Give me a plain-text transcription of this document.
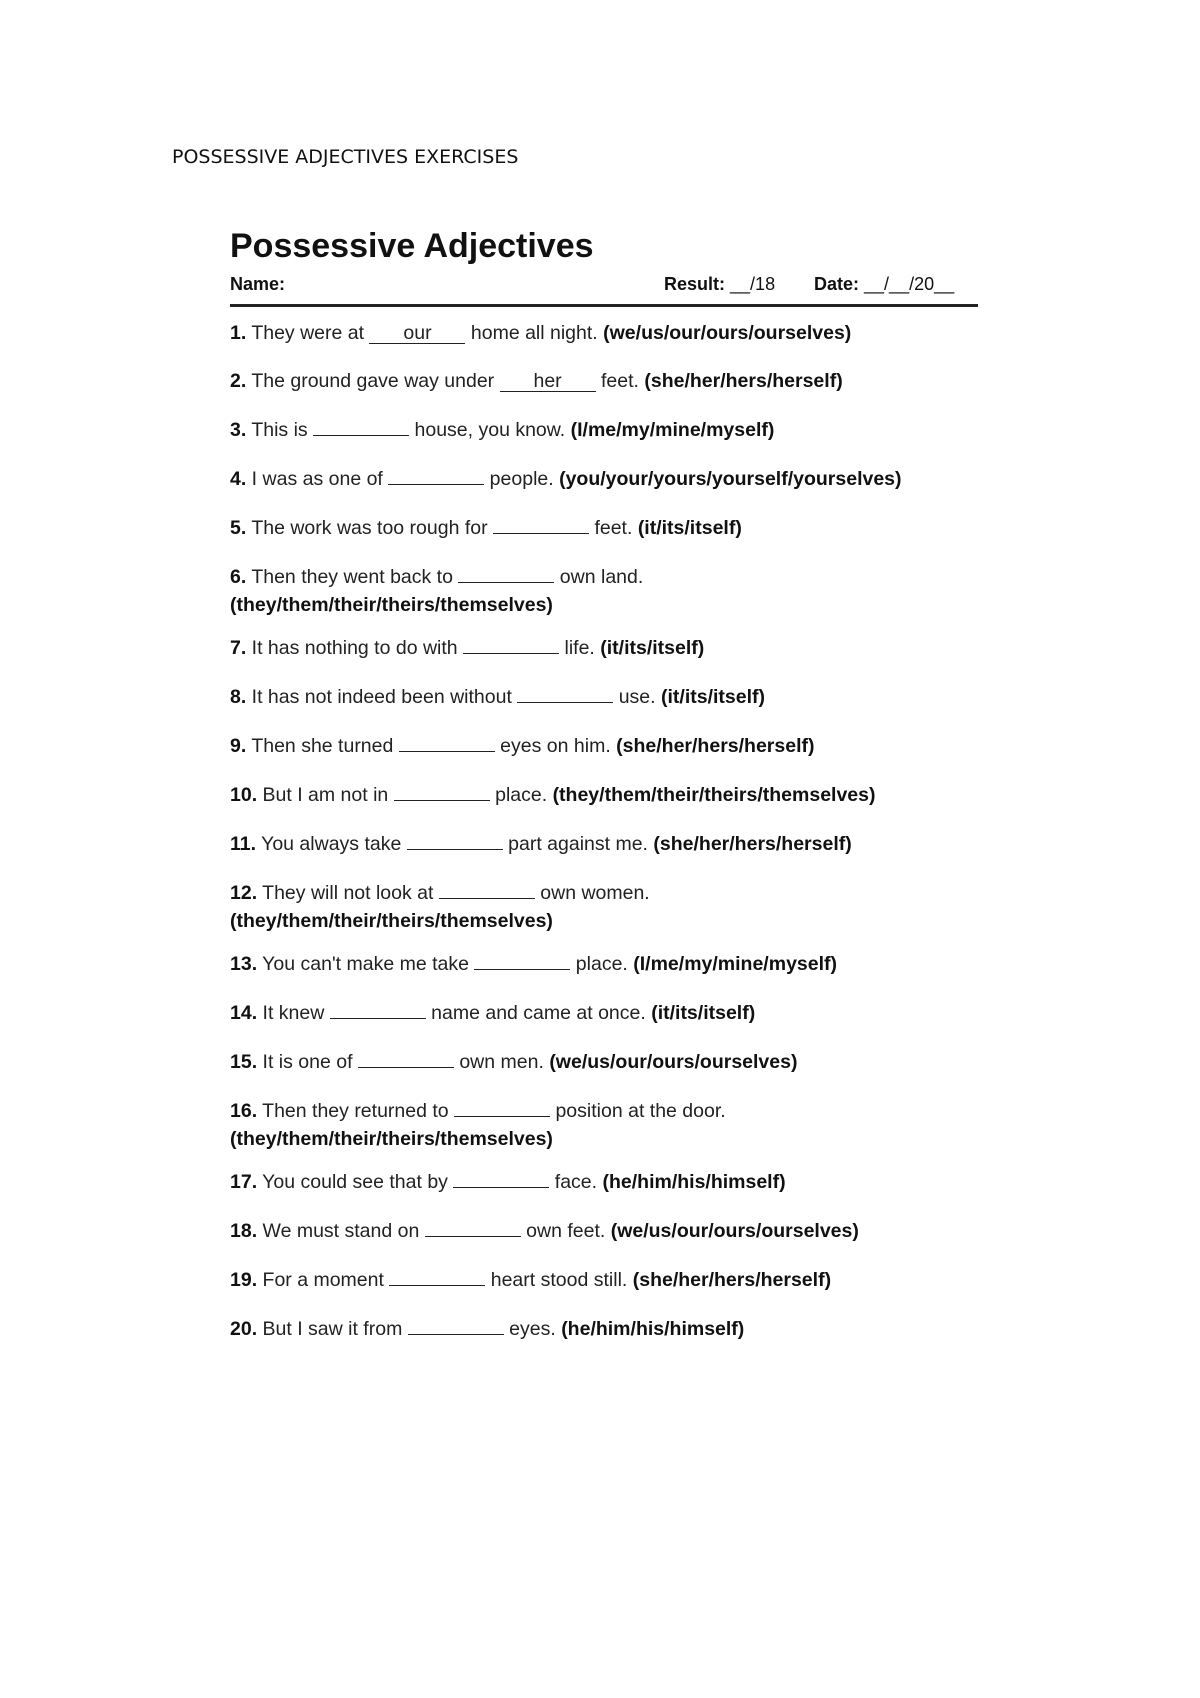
POSSESSIVE ADJECTIVES EXERCISES
Possessive Adjectives
Name:	Result: __/18 Date: __/__/20__
1. They were at our home all night. (we/us/our/ours/ourselves)
2. The ground gave way under her feet. (she/her/hers/herself)
3. This is	house, you know. (I/me/my/mine/myself)
4. I was as one of	people. (you/your/yours/yourself/yourselves)
5. The work was too rough for	feet. (it/its/itself)
6. Then they went back to	own land.
(they/them/their/theirs/themselves)
7. It has nothing to do with	life. (it/its/itself)
8. It has not indeed been without	use. (it/its/itself)
9. Then she turned	eyes on him. (she/her/hers/herself)
10. But I am not in	place. (they/them/their/theirs/themselves)
11. You always take	part against me. (she/her/hers/herself)
12. They will not look at	own women.
(they/them/their/theirs/themselves)
13. You can't make me take	place. (I/me/my/mine/myself)
14. It knew	name and came at once. (it/its/itself)
15. It is one of	own men. (we/us/our/ours/ourselves)
16. Then they returned to	position at the door.
(they/them/their/theirs/themselves)
17. You could see that by	face. (he/him/his/himself)
18. We must stand on	own feet. (we/us/our/ours/ourselves)
19. For a moment	heart stood still. (she/her/hers/herself)
20. But I saw it from	eyes. (he/him/his/himself)
